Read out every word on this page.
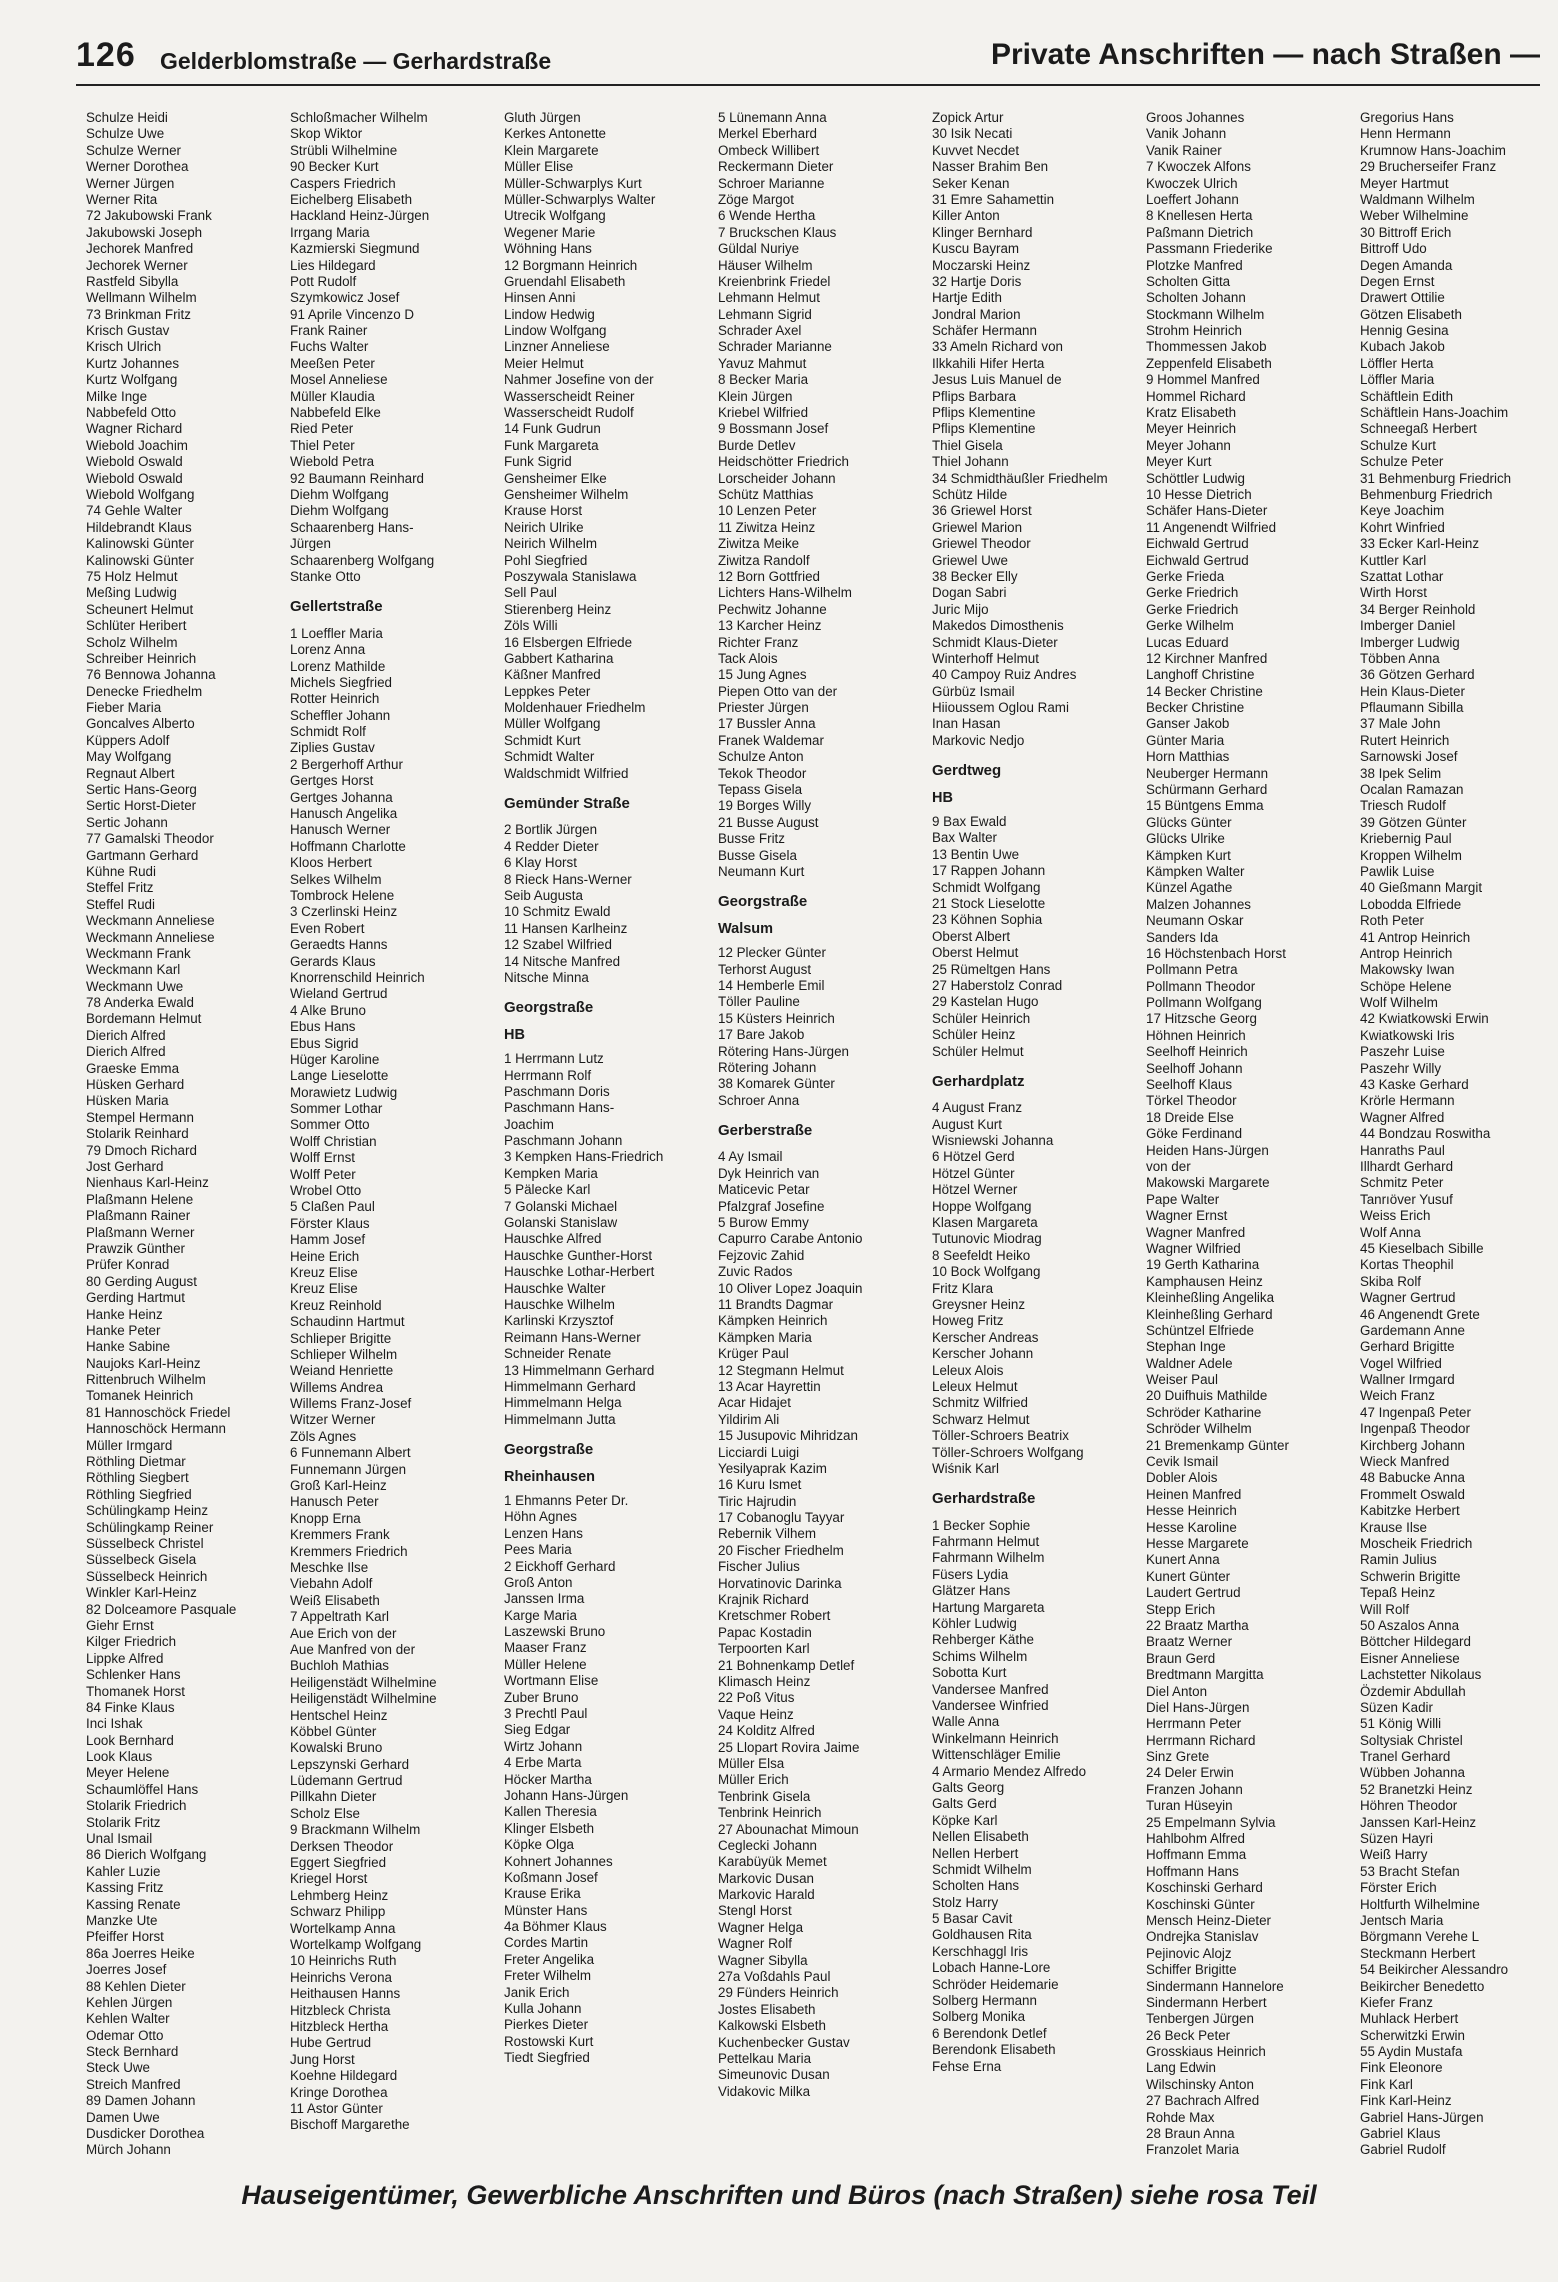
126 Gelderblomstraße — Gerhardstraße	Private Anschriften — nach Straßen —
Schulze Heidi
Schulze Uwe
Schulze Werner
Werner Dorothea
Werner Jürgen
Werner Rita
72 Jakubowski Frank
Jakubowski Joseph
Jechorek Manfred
Jechorek Werner
Rastfeld Sibylla
Wellmann Wilhelm
73 Brinkman Fritz
Krisch Gustav
Krisch Ulrich
Kurtz Johannes
Kurtz Wolfgang
Milke Inge
Nabbefeld Otto
Wagner Richard
Wiebold Joachim
Wiebold Oswald
Wiebold Oswald
Wiebold Wolfgang
74 Gehle Walter
Hildebrandt Klaus
Kalinowski Günter
Kalinowski Günter
75 Holz Helmut
Meßing Ludwig
Scheunert Helmut
Schlüter Heribert
Scholz Wilhelm
Schreiber Heinrich
76 Bennowa Johanna
Denecke Friedhelm
Fieber Maria
Goncalves Alberto
Küppers Adolf
May Wolfgang
Regnaut Albert
Sertic Hans-Georg
Sertic Horst-Dieter
Sertic Johann
77 Gamalski Theodor
Gartmann Gerhard
Kühne Rudi
Steffel Fritz
Steffel Rudi
Weckmann Anneliese
Weckmann Anneliese
Weckmann Frank
Weckmann Karl
Weckmann Uwe
78 Anderka Ewald
Bordemann Helmut
Dierich Alfred
Dierich Alfred
Graeske Emma
Hüsken Gerhard
Hüsken Maria
Stempel Hermann
Stolarik Reinhard
79 Dmoch Richard
Jost Gerhard
Nienhaus Karl-Heinz
Plaßmann Helene
Plaßmann Rainer
Plaßmann Werner
Prawzik Günther
Prüfer Konrad
80 Gerding August
Gerding Hartmut
Hanke Heinz
Hanke Peter
Hanke Sabine
Naujoks Karl-Heinz
Rittenbruch Wilhelm
Tomanek Heinrich
81 Hannoschöck Friedel
Hannoschöck Hermann
Müller Irmgard
Röthling Dietmar
Röthling Siegbert
Röthling Siegfried
Schülingkamp Heinz
Schülingkamp Reiner
Süsselbeck Christel
Süsselbeck Gisela
Süsselbeck Heinrich
Winkler Karl-Heinz
82 Dolceamore Pasquale
Giehr Ernst
Kilger Friedrich
Lippke Alfred
Schlenker Hans
Thomanek Horst
84 Finke Klaus
Inci Ishak
Look Bernhard
Look Klaus
Meyer Helene
Schaumlöffel Hans
Stolarik Friedrich
Stolarik Fritz
Unal Ismail
86 Dierich Wolfgang
Kahler Luzie
Kassing Fritz
Kassing Renate
Manzke Ute
Pfeiffer Horst
86a Joerres Heike
Joerres Josef
88 Kehlen Dieter
Kehlen Jürgen
Kehlen Walter
Odemar Otto
Steck Bernhard
Steck Uwe
Streich Manfred
89 Damen Johann
Damen Uwe
Dusdicker Dorothea
Mürch Johann
Schloßmacher Wilhelm
Skop Wiktor
Strübli Wilhelmine
90 Becker Kurt
Caspers Friedrich
Eichelberg Elisabeth
Hackland Heinz-Jürgen
Irrgang Maria
Kazmierski Siegmund
Lies Hildegard
Pott Rudolf
Szymkowicz Josef
91 Aprile Vincenzo D
Frank Rainer
Fuchs Walter
Meeßen Peter
Mosel Anneliese
Müller Klaudia
Nabbefeld Elke
Ried Peter
Thiel Peter
Wiebold Petra
92 Baumann Reinhard
Diehm Wolfgang
Diehm Wolfgang
Schaarenberg Hans-
Jürgen
Schaarenberg Wolfgang
Stanke Otto
Gellertstraße
1 Loeffler Maria
Lorenz Anna
Lorenz Mathilde
Michels Siegfried
Rotter Heinrich
Scheffler Johann
Schmidt Rolf
Ziplies Gustav
2 Bergerhoff Arthur
Gertges Horst
Gertges Johanna
Hanusch Angelika
Hanusch Werner
Hoffmann Charlotte
Kloos Herbert
Selkes Wilhelm
Tombrock Helene
3 Czerlinski Heinz
Even Robert
Geraedts Hanns
Gerards Klaus
Knorrenschild Heinrich
Wieland Gertrud
4 Alke Bruno
Ebus Hans
Ebus Sigrid
Hüger Karoline
Lange Lieselotte
Morawietz Ludwig
Sommer Lothar
Sommer Otto
Wolff Christian
Wolff Ernst
Wolff Peter
Wrobel Otto
5 Claßen Paul
Förster Klaus
Hamm Josef
Heine Erich
Kreuz Elise
Kreuz Elise
Kreuz Reinhold
Schaudinn Hartmut
Schlieper Brigitte
Schlieper Wilhelm
Weiand Henriette
Willems Andrea
Willems Franz-Josef
Witzer Werner
Zöls Agnes
6 Funnemann Albert
Funnemann Jürgen
Groß Karl-Heinz
Hanusch Peter
Knopp Erna
Kremmers Frank
Kremmers Friedrich
Meschke Ilse
Viebahn Adolf
Weiß Elisabeth
7 Appeltrath Karl
Aue Erich von der
Aue Manfred von der
Buchloh Mathias
Heiligenstädt Wilhelmine
Heiligenstädt Wilhelmine
Hentschel Heinz
Köbbel Günter
Kowalski Bruno
Lepszynski Gerhard
Lüdemann Gertrud
Pillkahn Dieter
Scholz Else
9 Brackmann Wilhelm
Derksen Theodor
Eggert Siegfried
Kriegel Horst
Lehmberg Heinz
Schwarz Philipp
Wortelkamp Anna
Wortelkamp Wolfgang
10 Heinrichs Ruth
Heinrichs Verona
Heithausen Hanns
Hitzbleck Christa
Hitzbleck Hertha
Hube Gertrud
Jung Horst
Koehne Hildegard
Kringe Dorothea
11 Astor Günter
Bischoff Margarethe
Gluth Jürgen
Kerkes Antonette
Klein Margarete
Müller Elise
Müller-Schwarplys Kurt
Müller-Schwarplys Walter
Utrecik Wolfgang
Wegener Marie
Wöhning Hans
12 Borgmann Heinrich
Gruendahl Elisabeth
Hinsen Anni
Lindow Hedwig
Lindow Wolfgang
Linzner Anneliese
Meier Helmut
Nahmer Josefine von der
Wasserscheidt Reiner
Wasserscheidt Rudolf
14 Funk Gudrun
Funk Margareta
Funk Sigrid
Gensheimer Elke
Gensheimer Wilhelm
Krause Horst
Neirich Ulrike
Neirich Wilhelm
Pohl Siegfried
Poszywala Stanislawa
Sell Paul
Stierenberg Heinz
Zöls Willi
16 Elsbergen Elfriede
Gabbert Katharina
Käßner Manfred
Leppkes Peter
Moldenhauer Friedhelm
Müller Wolfgang
Schmidt Kurt
Schmidt Walter
Waldschmidt Wilfried
Gemünder Straße
2 Bortlik Jürgen
4 Redder Dieter
6 Klay Horst
8 Rieck Hans-Werner
Seib Augusta
10 Schmitz Ewald
11 Hansen Karlheinz
12 Szabel Wilfried
14 Nitsche Manfred
Nitsche Minna
Georgstraße
HB
1 Herrmann Lutz
Herrmann Rolf
Paschmann Doris
Paschmann Hans-
Joachim
Paschmann Johann
3 Kempken Hans-Friedrich
Kempken Maria
5 Pälecke Karl
7 Golanski Michael
Golanski Stanislaw
Hauschke Alfred
Hauschke Gunther-Horst
Hauschke Lothar-Herbert
Hauschke Walter
Hauschke Wilhelm
Karlinski Krzysztof
Reimann Hans-Werner
Schneider Renate
13 Himmelmann Gerhard
Himmelmann Gerhard
Himmelmann Helga
Himmelmann Jutta
Georgstraße
Rheinhausen
1 Ehmanns Peter Dr.
Höhn Agnes
Lenzen Hans
Pees Maria
2 Eickhoff Gerhard
Groß Anton
Janssen Irma
Karge Maria
Laszewski Bruno
Maaser Franz
Müller Helene
Wortmann Elise
Zuber Bruno
3 Prechtl Paul
Sieg Edgar
Wirtz Johann
4 Erbe Marta
Höcker Martha
Johann Hans-Jürgen
Kallen Theresia
Klinger Elsbeth
Köpke Olga
Kohnert Johannes
Koßmann Josef
Krause Erika
Münster Hans
4a Böhmer Klaus
Cordes Martin
Freter Angelika
Freter Wilhelm
Janik Erich
Kulla Johann
Pierkes Dieter
Rostowski Kurt
Tiedt Siegfried
5 Lünemann Anna
Merkel Eberhard
Ombeck Willibert
Reckermann Dieter
Schroer Marianne
Zöge Margot
6 Wende Hertha
7 Bruckschen Klaus
Güldal Nuriye
Häuser Wilhelm
Kreienbrink Friedel
Lehmann Helmut
Lehmann Sigrid
Schrader Axel
Schrader Marianne
Yavuz Mahmut
8 Becker Maria
Klein Jürgen
Kriebel Wilfried
9 Bossmann Josef
Burde Detlev
Heidschötter Friedrich
Lorscheider Johann
Schütz Matthias
10 Lenzen Peter
11 Ziwitza Heinz
Ziwitza Meike
Ziwitza Randolf
12 Born Gottfried
Lichters Hans-Wilhelm
Pechwitz Johanne
13 Karcher Heinz
Richter Franz
Tack Alois
15 Jung Agnes
Piepen Otto van der
Priester Jürgen
17 Bussler Anna
Franek Waldemar
Schulze Anton
Tekok Theodor
Tepass Gisela
19 Borges Willy
21 Busse August
Busse Fritz
Busse Gisela
Neumann Kurt
Georgstraße
Walsum
12 Plecker Günter
Terhorst August
14 Hemberle Emil
Töller Pauline
15 Küsters Heinrich
17 Bare Jakob
Rötering Hans-Jürgen
Rötering Johann
38 Komarek Günter
Schroer Anna
Gerberstraße
4 Ay Ismail
Dyk Heinrich van
Maticevic Petar
Pfalzgraf Josefine
5 Burow Emmy
Capurro Carabe Antonio
Fejzovic Zahid
Zuvic Rados
10 Oliver Lopez Joaquin
11 Brandts Dagmar
Kämpken Heinrich
Kämpken Maria
Krüger Paul
12 Stegmann Helmut
13 Acar Hayrettin
Acar Hidajet
Yildirim Ali
15 Jusupovic Mihridzan
Licciardi Luigi
Yesilyaprak Kazim
16 Kuru Ismet
Tiric Hajrudin
17 Cobanoglu Tayyar
Rebernik Vilhem
20 Fischer Friedhelm
Fischer Julius
Horvatinovic Darinka
Krajnik Richard
Kretschmer Robert
Papac Kostadin
Terpoorten Karl
21 Bohnenkamp Detlef
Klimasch Heinz
22 Poß Vitus
Vaque Heinz
24 Kolditz Alfred
25 Llopart Rovira Jaime
Müller Elsa
Müller Erich
Tenbrink Gisela
Tenbrink Heinrich
27 Abounachat Mimoun
Ceglecki Johann
Karabüyük Memet
Markovic Dusan
Markovic Harald
Stengl Horst
Wagner Helga
Wagner Rolf
Wagner Sibylla
27a Voßdahls Paul
29 Fünders Heinrich
Jostes Elisabeth
Kalkowski Elsbeth
Kuchenbecker Gustav
Pettelkau Maria
Simeunovic Dusan
Vidakovic Milka
Zopick Artur
30 Isik Necati
Kuvvet Necdet
Nasser Brahim Ben
Seker Kenan
31 Emre Sahamettin
Killer Anton
Klinger Bernhard
Kuscu Bayram
Moczarski Heinz
32 Hartje Doris
Hartje Edith
Jondral Marion
Schäfer Hermann
33 Ameln Richard von
Ilkkahili Hifer Herta
Jesus Luis Manuel de
Pflips Barbara
Pflips Klementine
Pflips Klementine
Thiel Gisela
Thiel Johann
34 Schmidthäußler Friedhelm
Schütz Hilde
36 Griewel Horst
Griewel Marion
Griewel Theodor
Griewel Uwe
38 Becker Elly
Dogan Sabri
Juric Mijo
Makedos Dimosthenis
Schmidt Klaus-Dieter
Winterhoff Helmut
40 Campoy Ruiz Andres
Gürbüz Ismail
Hiioussem Oglou Rami
Inan Hasan
Markovic Nedjo
Gerdtweg
HB
9 Bax Ewald
Bax Walter
13 Bentin Uwe
17 Rappen Johann
Schmidt Wolfgang
21 Stock Lieselotte
23 Köhnen Sophia
Oberst Albert
Oberst Helmut
25 Rümeltgen Hans
27 Haberstolz Conrad
29 Kastelan Hugo
Schüler Heinrich
Schüler Heinz
Schüler Helmut
Gerhardplatz
4 August Franz
August Kurt
Wisniewski Johanna
6 Hötzel Gerd
Hötzel Günter
Hötzel Werner
Hoppe Wolfgang
Klasen Margareta
Tutunovic Miodrag
8 Seefeldt Heiko
10 Bock Wolfgang
Fritz Klara
Greysner Heinz
Howeg Fritz
Kerscher Andreas
Kerscher Johann
Leleux Alois
Leleux Helmut
Schmitz Wilfried
Schwarz Helmut
Töller-Schroers Beatrix
Töller-Schroers Wolfgang
Wiśnik Karl
Gerhardstraße
1 Becker Sophie
Fahrmann Helmut
Fahrmann Wilhelm
Füsers Lydia
Glätzer Hans
Hartung Margareta
Köhler Ludwig
Rehberger Käthe
Schims Wilhelm
Sobotta Kurt
Vandersee Manfred
Vandersee Winfried
Walle Anna
Winkelmann Heinrich
Wittenschläger Emilie
4 Armario Mendez Alfredo
Galts Georg
Galts Gerd
Köpke Karl
Nellen Elisabeth
Nellen Herbert
Schmidt Wilhelm
Scholten Hans
Stolz Harry
5 Basar Cavit
Goldhausen Rita
Kerschhaggl Iris
Lobach Hanne-Lore
Schröder Heidemarie
Solberg Hermann
Solberg Monika
6 Berendonk Detlef
Berendonk Elisabeth
Fehse Erna
Groos Johannes
Vanik Johann
Vanik Rainer
7 Kwoczek Alfons
Kwoczek Ulrich
Loeffert Johann
8 Knellesen Herta
Paßmann Dietrich
Passmann Friederike
Plotzke Manfred
Scholten Gitta
Scholten Johann
Stockmann Wilhelm
Strohm Heinrich
Thommessen Jakob
Zeppenfeld Elisabeth
9 Hommel Manfred
Hommel Richard
Kratz Elisabeth
Meyer Heinrich
Meyer Johann
Meyer Kurt
Schöttler Ludwig
10 Hesse Dietrich
Schäfer Hans-Dieter
11 Angenendt Wilfried
Eichwald Gertrud
Eichwald Gertrud
Gerke Frieda
Gerke Friedrich
Gerke Friedrich
Gerke Wilhelm
Lucas Eduard
12 Kirchner Manfred
Langhoff Christine
14 Becker Christine
Becker Christine
Ganser Jakob
Günter Maria
Horn Matthias
Neuberger Hermann
Schürmann Gerhard
15 Büntgens Emma
Glücks Günter
Glücks Ulrike
Kämpken Kurt
Kämpken Walter
Künzel Agathe
Malzen Johannes
Neumann Oskar
Sanders Ida
16 Höchstenbach Horst
Pollmann Petra
Pollmann Theodor
Pollmann Wolfgang
17 Hitzsche Georg
Höhnen Heinrich
Seelhoff Heinrich
Seelhoff Johann
Seelhoff Klaus
Törkel Theodor
18 Dreide Else
Göke Ferdinand
Heiden Hans-Jürgen
von der
Makowski Margarete
Pape Walter
Wagner Ernst
Wagner Manfred
Wagner Wilfried
19 Gerth Katharina
Kamphausen Heinz
Kleinheßling Angelika
Kleinheßling Gerhard
Schüntzel Elfriede
Stephan Inge
Waldner Adele
Weiser Paul
20 Duifhuis Mathilde
Schröder Katharine
Schröder Wilhelm
21 Bremenkamp Günter
Cevik Ismail
Dobler Alois
Heinen Manfred
Hesse Heinrich
Hesse Karoline
Hesse Margarete
Kunert Anna
Kunert Günter
Laudert Gertrud
Stepp Erich
22 Braatz Martha
Braatz Werner
Braun Gerd
Bredtmann Margitta
Diel Anton
Diel Hans-Jürgen
Herrmann Peter
Herrmann Richard
Sinz Grete
24 Deler Erwin
Franzen Johann
Turan Hüseyin
25 Empelmann Sylvia
Hahlbohm Alfred
Hoffmann Emma
Hoffmann Hans
Koschinski Gerhard
Koschinski Günter
Mensch Heinz-Dieter
Ondrejka Stanislav
Pejinovic Alojz
Schiffer Brigitte
Sindermann Hannelore
Sindermann Herbert
Tenbergen Jürgen
26 Beck Peter
Grosskiaus Heinrich
Lang Edwin
Wilschinsky Anton
27 Bachrach Alfred
Rohde Max
28 Braun Anna
Franzolet Maria
Gregorius Hans
Henn Hermann
Krumnow Hans-Joachim
29 Brucherseifer Franz
Meyer Hartmut
Waldmann Wilhelm
Weber Wilhelmine
30 Bittroff Erich
Bittroff Udo
Degen Amanda
Degen Ernst
Drawert Ottilie
Götzen Elisabeth
Hennig Gesina
Kubach Jakob
Löffler Herta
Löffler Maria
Schäftlein Edith
Schäftlein Hans-Joachim
Schneegaß Herbert
Schulze Kurt
Schulze Peter
31 Behmenburg Friedrich
Behmenburg Friedrich
Keye Joachim
Kohrt Winfried
33 Ecker Karl-Heinz
Kuttler Karl
Szattat Lothar
Wirth Horst
34 Berger Reinhold
Imberger Daniel
Imberger Ludwig
Többen Anna
36 Götzen Gerhard
Hein Klaus-Dieter
Pflaumann Sibilla
37 Male John
Rutert Heinrich
Sarnowski Josef
38 Ipek Selim
Ocalan Ramazan
Triesch Rudolf
39 Götzen Günter
Kriebernig Paul
Kroppen Wilhelm
Pawlik Luise
40 Gießmann Margit
Lobodda Elfriede
Roth Peter
41 Antrop Heinrich
Antrop Heinrich
Makowsky Iwan
Schöpe Helene
Wolf Wilhelm
42 Kwiatkowski Erwin
Kwiatkowski Iris
Paszehr Luise
Paszehr Willy
43 Kaske Gerhard
Krörle Hermann
Wagner Alfred
44 Bondzau Roswitha
Hanraths Paul
Illhardt Gerhard
Schmitz Peter
Tanrıöver Yusuf
Weiss Erich
Wolf Anna
45 Kieselbach Sibille
Kortas Theophil
Skiba Rolf
Wagner Gertrud
46 Angenendt Grete
Gardemann Anne
Gerhard Brigitte
Vogel Wilfried
Wallner Irmgard
Weich Franz
47 Ingenpaß Peter
Ingenpaß Theodor
Kirchberg Johann
Wieck Manfred
48 Babucke Anna
Frommelt Oswald
Kabitzke Herbert
Krause Ilse
Moscheik Friedrich
Ramin Julius
Schwerin Brigitte
Tepaß Heinz
Will Rolf
50 Aszalos Anna
Böttcher Hildegard
Eisner Anneliese
Lachstetter Nikolaus
Özdemir Abdullah
Süzen Kadir
51 König Willi
Soltysiak Christel
Tranel Gerhard
Wübben Johanna
52 Branetzki Heinz
Höhren Theodor
Janssen Karl-Heinz
Süzen Hayri
Weiß Harry
53 Bracht Stefan
Förster Erich
Holtfurth Wilhelmine
Jentsch Maria
Börgmann Verehe L
Steckmann Herbert
54 Beikircher Alessandro
Beikircher Benedetto
Kiefer Franz
Muhlack Herbert
Scherwitzki Erwin
55 Aydin Mustafa
Fink Eleonore
Fink Karl
Fink Karl-Heinz
Gabriel Hans-Jürgen
Gabriel Klaus
Gabriel Rudolf
Hauseigentümer, Gewerbliche Anschriften und Büros (nach Straßen) siehe rosa Teil
